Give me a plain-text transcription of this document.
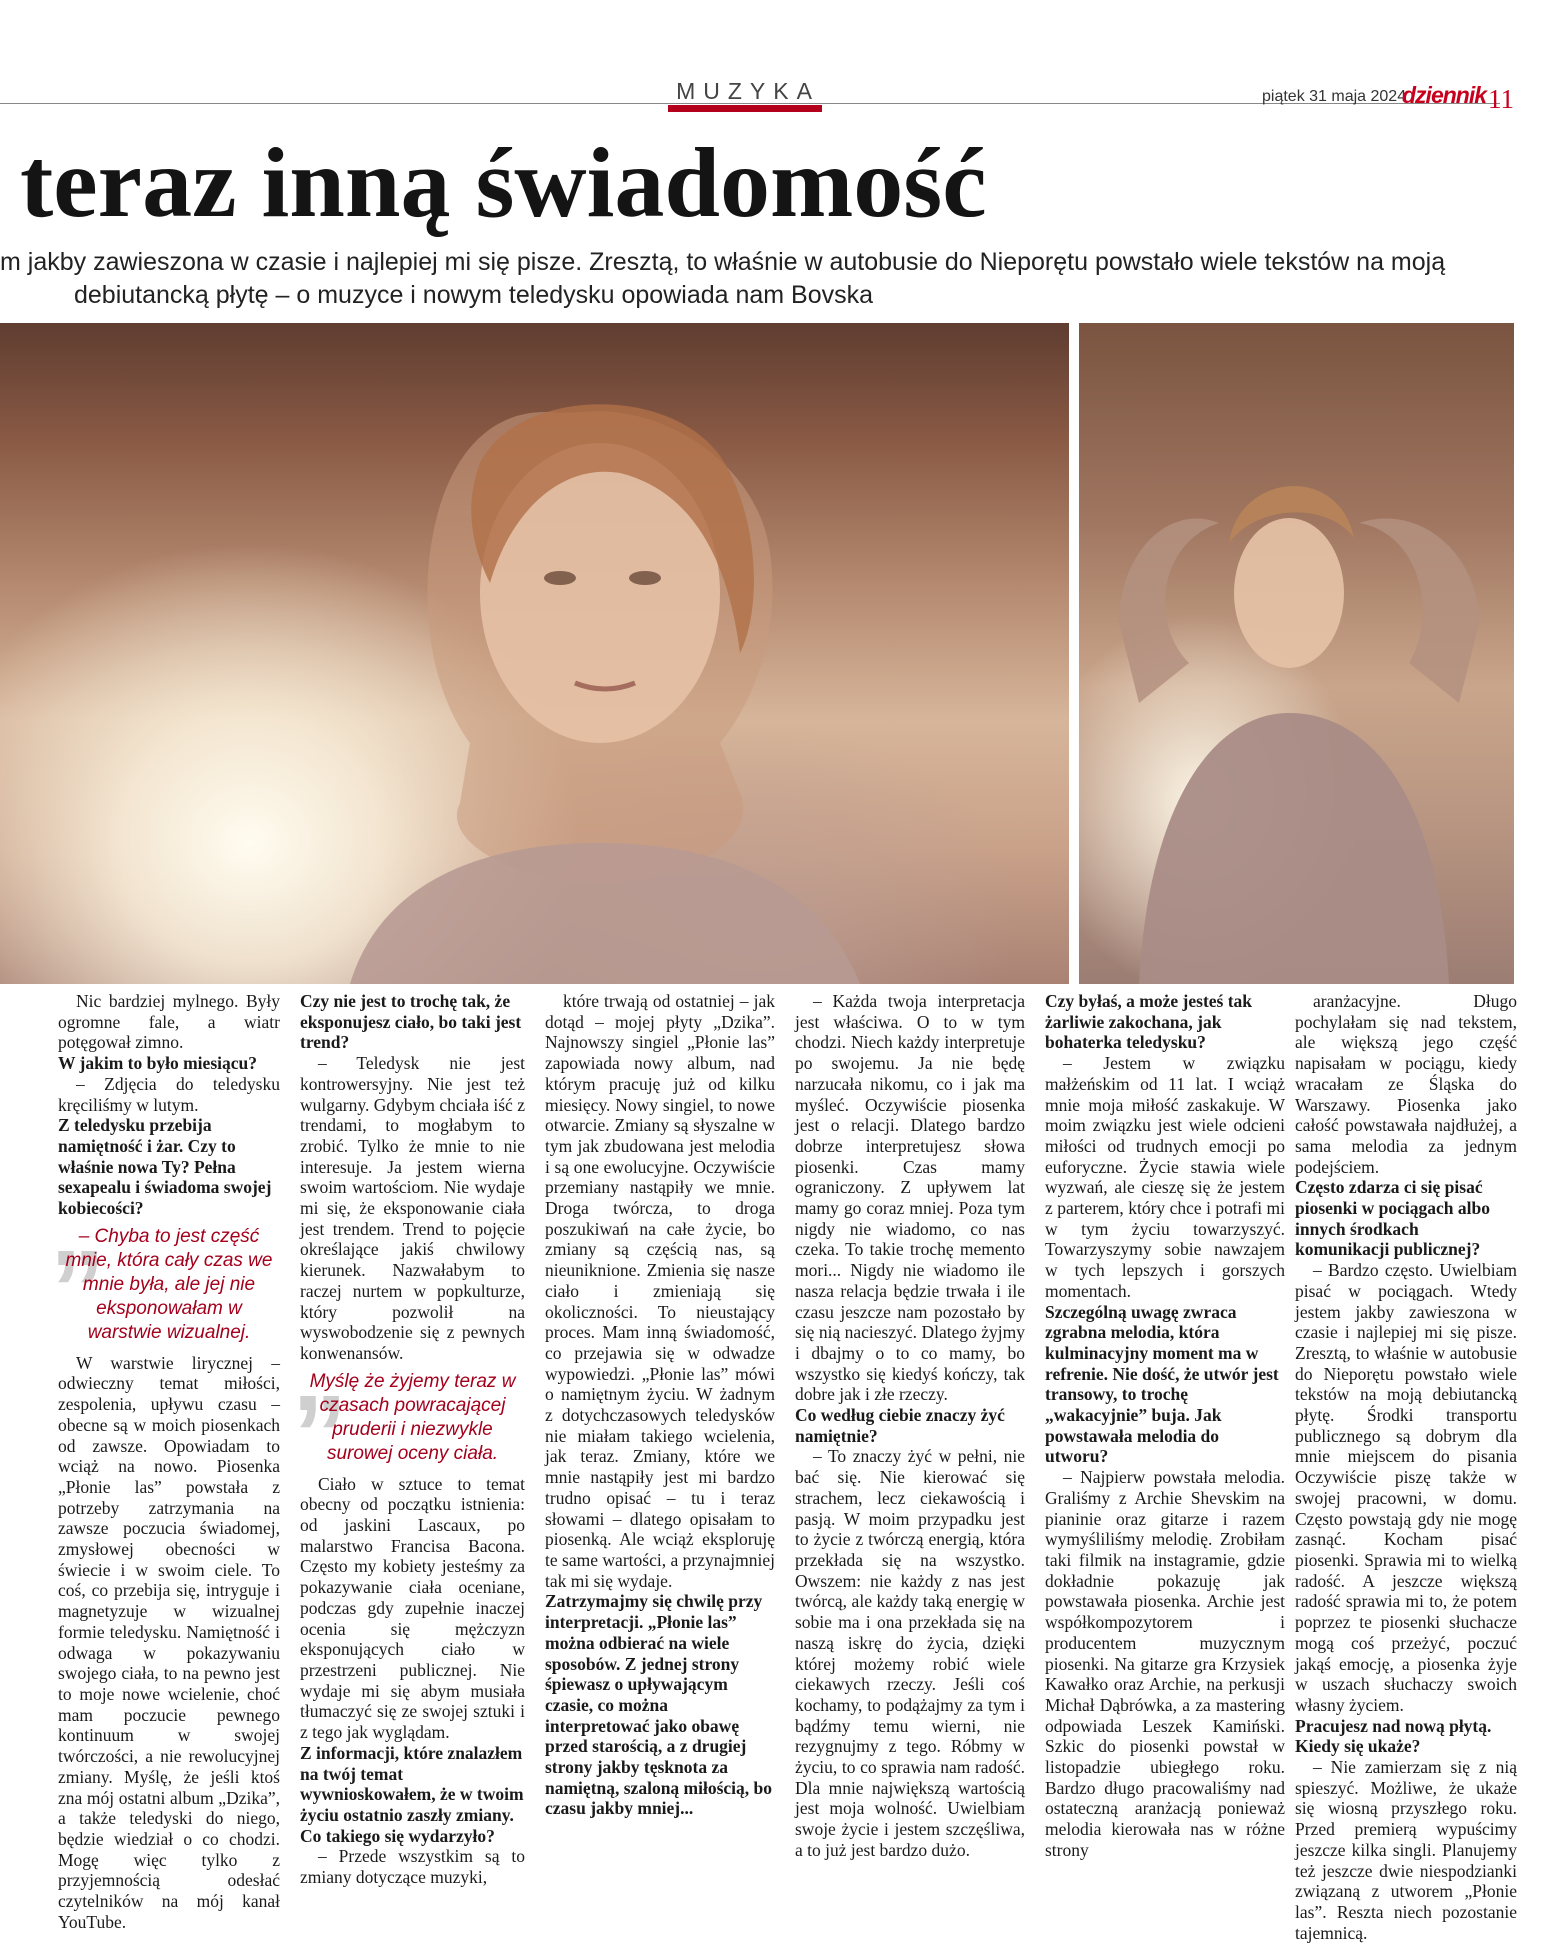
MUZYKA	piątek 31 maja 2024
dziennik 11
teraz inną świadomość
m jakby zawieszona w czasie i najlepiej mi się pisze. Zresztą, to właśnie w autobusie do Nieporętu powstało wiele tekstów na moją
debiutancką płytę – o muzyce i nowym teledysku opowiada nam Bovska

Nic bardziej mylnego. Były ogromne fale, a wiatr potęgował zimno.

W jakim to było miesiącu?

– Zdjęcia do teledysku kręciliśmy w lutym.

Z teledysku przebija namiętność i żar. Czy to właśnie nowa Ty? Pełna sexapealu i świadoma swojej kobiecości?

”
– Chyba to jest część mnie, która cały czas we mnie była, ale jej nie eksponowałam w warstwie wizualnej.

W warstwie lirycznej – odwieczny temat miłości, zespolenia, upływu czasu – obecne są w moich piosenkach od zawsze. Opowiadam to wciąż na nowo. Piosenka „Płonie las” powstała z potrzeby zatrzymania na zawsze poczucia świadomej, zmysłowej obecności w świecie i w swoim ciele. To coś, co przebija się, intryguje i magnetyzuje w wizualnej formie teledysku. Namiętność i odwaga w pokazywaniu swojego ciała, to na pewno jest to moje nowe wcielenie, choć mam poczucie pewnego kontinuum w swojej twórczości, a nie rewolucyjnej zmiany. Myślę, że jeśli ktoś zna mój ostatni album „Dzika”, a także teledyski do niego, będzie wiedział o co chodzi. Mogę więc tylko z przyjemnością odesłać czytelników na mój kanał YouTube.

Czy nie jest to trochę tak, że eksponujesz ciało, bo taki jest trend?

– Teledysk nie jest kontrowersyjny. Nie jest też wulgarny. Gdybym chciała iść z trendami, to mogłabym to zrobić. Tylko że mnie to nie interesuje. Ja jestem wierna swoim wartościom. Nie wydaje mi się, że eksponowanie ciała jest trendem. Trend to pojęcie określające jakiś chwilowy kierunek. Nazwałabym to raczej nurtem w popkulturze, który pozwolił na wyswobodzenie się z pewnych konwenansów.

”
Myślę że żyjemy teraz w czasach powracającej pruderii i niezwykle surowej oceny ciała.

Ciało w sztuce to temat obecny od początku istnienia: od jaskini Lascaux, po malarstwo Francisa Bacona. Często my kobiety jesteśmy za pokazywanie ciała oceniane, podczas gdy zupełnie inaczej ocenia się mężczyzn eksponujących ciało w przestrzeni publicznej. Nie wydaje mi się abym musiała tłumaczyć się ze swojej sztuki i z tego jak wyglądam.

Z informacji, które znalazłem na twój temat wywnioskowałem, że w twoim życiu ostatnio zaszły zmiany. Co takiego się wydarzyło?

– Przede wszystkim są to zmiany dotyczące muzyki,

które trwają od ostatniej – jak dotąd – mojej płyty „Dzika”. Najnowszy singiel „Płonie las” zapowiada nowy album, nad którym pracuję już od kilku miesięcy. Nowy singiel, to nowe otwarcie. Zmiany są słyszalne w tym jak zbudowana jest melodia i są one ewolucyjne. Oczywiście przemiany nastąpiły we mnie. Droga twórcza, to droga poszukiwań na całe życie, bo zmiany są częścią nas, są nieuniknione. Zmienia się nasze ciało i zmieniają się okoliczności. To nieustający proces. Mam inną świadomość, co przejawia się w odwadze wypowiedzi. „Płonie las” mówi o namiętnym życiu. W żadnym z dotychczasowych teledysków nie miałam takiego wcielenia, jak teraz. Zmiany, które we mnie nastąpiły jest mi bardzo trudno opisać – tu i teraz słowami – dlatego opisałam to piosenką. Ale wciąż eksploruję te same wartości, a przynajmniej tak mi się wydaje.

Zatrzymajmy się chwilę przy interpretacji. „Płonie las” można odbierać na wiele sposobów. Z jednej strony śpiewasz o upływającym czasie, co można interpretować jako obawę przed starością, a z drugiej strony jakby tęsknota za namiętną, szaloną miłością, bo czasu jakby mniej...

– Każda twoja interpretacja jest właściwa. O to w tym chodzi. Niech każdy interpretuje po swojemu. Ja nie będę narzucała nikomu, co i jak ma myśleć. Oczywiście piosenka jest o relacji. Dlatego bardzo dobrze interpretujesz słowa piosenki. Czas mamy ograniczony. Z upływem lat mamy go coraz mniej. Poza tym nigdy nie wiadomo, co nas czeka. To takie trochę memento mori... Nigdy nie wiadomo ile nasza relacja będzie trwała i ile czasu jeszcze nam pozostało by się nią nacieszyć. Dlatego żyjmy i dbajmy o to co mamy, bo wszystko się kiedyś kończy, tak dobre jak i złe rzeczy.

Co według ciebie znaczy żyć namiętnie?

– To znaczy żyć w pełni, nie bać się. Nie kierować się strachem, lecz ciekawością i pasją. W moim przypadku jest to życie z twórczą energią, która przekłada się na wszystko. Owszem: nie każdy z nas jest twórcą, ale każdy taką energię w sobie ma i ona przekłada się na naszą iskrę do życia, dzięki której możemy robić wiele ciekawych rzeczy. Jeśli coś kochamy, to podążajmy za tym i bądźmy temu wierni, nie rezygnujmy z tego. Róbmy w życiu, to co sprawia nam radość. Dla mnie największą wartością jest moja wolność. Uwielbiam swoje życie i jestem szczęśliwa, a to już jest bardzo dużo.

Czy byłaś, a może jesteś tak żarliwie zakochana, jak bohaterka teledysku?

– Jestem w związku małżeńskim od 11 lat. I wciąż mnie moja miłość zaskakuje. W moim związku jest wiele odcieni miłości od trudnych emocji po euforyczne. Życie stawia wiele wyzwań, ale cieszę się że jestem z parterem, który chce i potrafi mi w tym życiu towarzyszyć. Towarzyszymy sobie nawzajem w tych lepszych i gorszych momentach.

Szczególną uwagę zwraca zgrabna melodia, która kulminacyjny moment ma w refrenie. Nie dość, że utwór jest transowy, to trochę „wakacyjnie” buja. Jak powstawała melodia do utworu?

– Najpierw powstała melodia. Graliśmy z Archie Shevskim na pianinie oraz gitarze i razem wymyśliliśmy melodię. Zrobiłam taki filmik na instagramie, gdzie dokładnie pokazuję jak powstawała piosenka. Archie jest współkompozytorem i producentem muzycznym piosenki. Na gitarze gra Krzysiek Kawałko oraz Archie, na perkusji Michał Dąbrówka, a za mastering odpowiada Leszek Kamiński. Szkic do piosenki powstał w listopadzie ubiegłego roku. Bardzo długo pracowaliśmy nad ostateczną aranżacją ponieważ melodia kierowała nas w różne strony

aranżacyjne. Długo pochylałam się nad tekstem, ale większą jego część napisałam w pociągu, kiedy wracałam ze Śląska do Warszawy. Piosenka jako całość powstawała najdłużej, a sama melodia za jednym podejściem.

Często zdarza ci się pisać piosenki w pociągach albo innych środkach komunikacji publicznej?

– Bardzo często. Uwielbiam pisać w pociągach. Wtedy jestem jakby zawieszona w czasie i najlepiej mi się pisze. Zresztą, to właśnie w autobusie do Nieporętu powstało wiele tekstów na moją debiutancką płytę. Środki transportu publicznego są dobrym dla mnie miejscem do pisania Oczywiście piszę także w swojej pracowni, w domu. Często powstają gdy nie mogę zasnąć. Kocham pisać piosenki. Sprawia mi to wielką radość. A jeszcze większą radość sprawia mi to, że potem poprzez te piosenki słuchacze mogą coś przeżyć, poczuć jakąś emocję, a piosenka żyje w uszach słuchaczy swoich własny życiem.

Pracujesz nad nową płytą. Kiedy się ukaże?

– Nie zamierzam się z nią spieszyć. Możliwe, że ukaże się wiosną przyszłego roku. Przed premierą wypuścimy jeszcze kilka singli. Planujemy też jeszcze dwie niespodzianki związaną z utworem „Płonie las”. Reszta niech pozostanie tajemnicą.
